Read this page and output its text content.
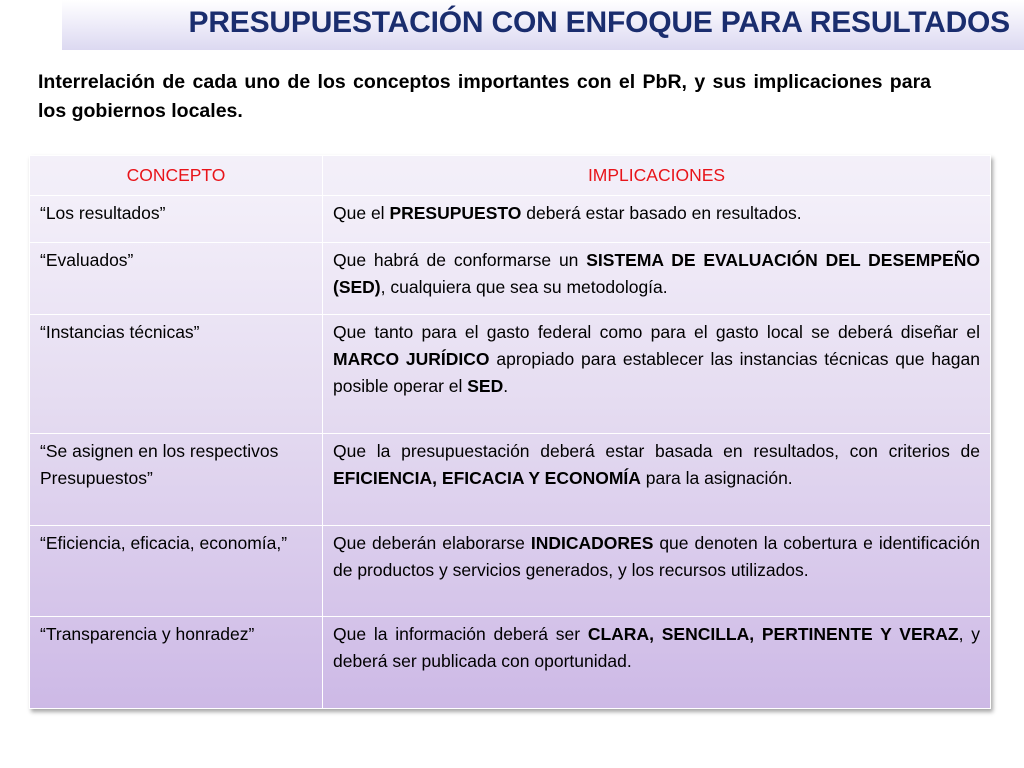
PRESUPUESTACIÓN CON ENFOQUE PARA RESULTADOS

Interrelación de cada uno de los conceptos importantes con el PbR, y sus implicaciones para los gobiernos locales.

CONCEPTO	IMPLICACIONES
“Los resultados”	Que el PRESUPUESTO deberá estar basado en resultados.
“Evaluados”	Que habrá de conformarse un SISTEMA DE EVALUACIÓN DEL DESEMPEÑO (SED), cualquiera que sea su metodología.
“Instancias técnicas”	Que tanto para el gasto federal como para el gasto local se deberá diseñar el MARCO JURÍDICO apropiado para establecer las instancias técnicas que hagan posible operar el SED.
“Se asignen en los respectivos Presupuestos”	Que la presupuestación deberá estar basada en resultados, con criterios de EFICIENCIA, EFICACIA Y ECONOMÍA para la asignación.
“Eficiencia, eficacia, economía,”	Que deberán elaborarse INDICADORES que denoten la cobertura e identificación de productos y servicios generados, y los recursos utilizados.
“Transparencia y honradez”	Que la información deberá ser CLARA, SENCILLA, PERTINENTE Y VERAZ, y deberá ser publicada con oportunidad.
